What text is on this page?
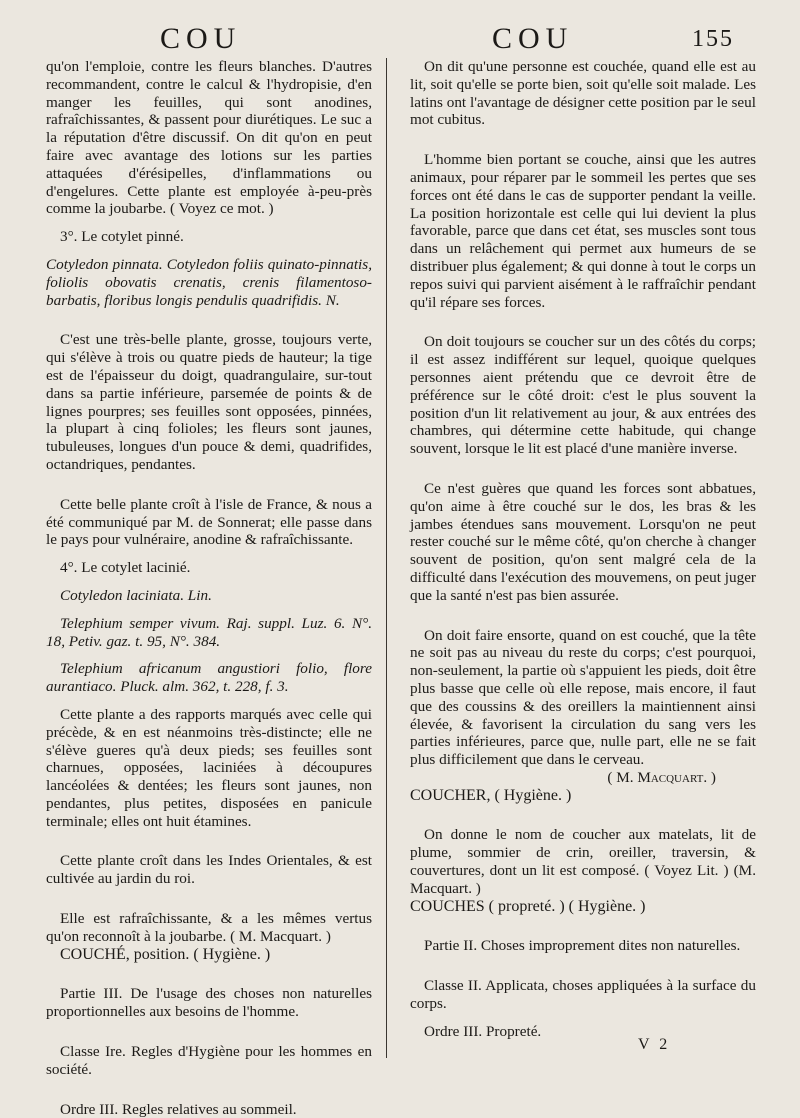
COU	COU	155

qu'on l'emploie, contre les fleurs blanches. D'autres recommandent, contre le calcul & l'hydropisie, d'en manger les feuilles, qui sont anodines, rafraîchissantes, & passent pour diurétiques. Le suc a la réputation d'être discussif. On dit qu'on en peut faire avec avantage des lotions sur les parties attaquées d'érésipelles, d'inflammations ou d'engelures. Cette plante est employée à-peu-près comme la joubarbe. ( Voyez ce mot. )

3°. Le cotylet pinné.

Cotyledon pinnata. Cotyledon foliis quinato-pinnatis, foliolis obovatis crenatis, crenis filamentoso-barbatis, floribus longis pendulis quadrifidis. N.

C'est une très-belle plante, grosse, toujours verte, qui s'élève à trois ou quatre pieds de hauteur; la tige est de l'épaisseur du doigt, quadrangulaire, sur-tout dans sa partie inférieure, parsemée de points & de lignes pourpres; ses feuilles sont opposées, pinnées, la plupart à cinq folioles; les fleurs sont jaunes, tubuleuses, longues d'un pouce & demi, quadrifides, octandriques, pendantes.

Cette belle plante croît à l'isle de France, & nous a été communiqué par M. de Sonnerat; elle passe dans le pays pour vulnéraire, anodine & rafraîchissante.

4°. Le cotylet lacinié.

Cotyledon laciniata. Lin.

Telephium semper vivum. Raj. suppl. Luz. 6. N°. 18, Petiv. gaz. t. 95, N°. 384.

Telephium africanum angustiori folio, flore aurantiaco. Pluck. alm. 362, t. 228, f. 3.

Cette plante a des rapports marqués avec celle qui précède, & en est néanmoins très-distincte; elle ne s'élève gueres qu'à deux pieds; ses feuilles sont charnues, opposées, laciniées à découpures lancéolées & dentées; les fleurs sont jaunes, non pendantes, plus petites, disposées en panicule terminale; elles ont huit étamines.

Cette plante croît dans les Indes Orientales, & est cultivée au jardin du roi.

Elle est rafraîchissante, & a les mêmes vertus qu'on reconnoît à la joubarbe. ( M. Macquart. )

COUCHÉ, position. ( Hygiène. )

Partie III. De l'usage des choses non naturelles proportionnelles aux besoins de l'homme.

Classe Ire. Regles d'Hygiène pour les hommes en société.

Ordre III. Regles relatives au sommeil.

On dit qu'une personne est couchée, quand elle est au lit, soit qu'elle se porte bien, soit qu'elle soit malade. Les latins ont l'avantage de désigner cette position par le seul mot cubitus.

L'homme bien portant se couche, ainsi que les autres animaux, pour réparer par le sommeil les pertes que ses forces ont été dans le cas de supporter pendant la veille. La position horizontale est celle qui lui devient la plus favorable, parce que dans cet état, ses muscles sont tous dans un relâchement qui permet aux humeurs de se distribuer plus également; & qui donne à tout le corps un repos suivi qui parvient aisément à le raffraîchir pendant qu'il répare ses forces.

On doit toujours se coucher sur un des côtés du corps; il est assez indifférent sur lequel, quoique quelques personnes aient prétendu que ce devroit être de préférence sur le côté droit: c'est le plus souvent la position d'un lit relativement au jour, & aux entrées des chambres, qui détermine cette habitude, qui change souvent, lorsque le lit est placé d'une manière inverse.

Ce n'est guères que quand les forces sont abbatues, qu'on aime à être couché sur le dos, les bras & les jambes étendues sans mouvement. Lorsqu'on ne peut rester couché sur le même côté, qu'on cherche à changer souvent de position, qu'on sent malgré cela de la difficulté dans l'exécution des mouvemens, on peut juger que la santé n'est pas bien assurée.

On doit faire ensorte, quand on est couché, que la tête ne soit pas au niveau du reste du corps; c'est pourquoi, non-seulement, la partie où s'appuient les pieds, doit être plus basse que celle où elle repose, mais encore, il faut que des coussins & des oreillers la maintiennent ainsi élevée, & favorisent la circulation du sang vers les parties inférieures, parce que, nulle part, elle ne se fait plus difficilement que dans le cerveau.

( M. Macquart. )

COUCHER, ( Hygiène. )

On donne le nom de coucher aux matelats, lit de plume, sommier de crin, oreiller, traversin, & couvertures, dont un lit est composé. ( Voyez Lit. ) (M. Macquart. )

COUCHES ( propreté. ) ( Hygiène. )

Partie II. Choses improprement dites non naturelles.

Classe II. Applicata, choses appliquées à la surface du corps.

Ordre III. Propreté.

V 2
